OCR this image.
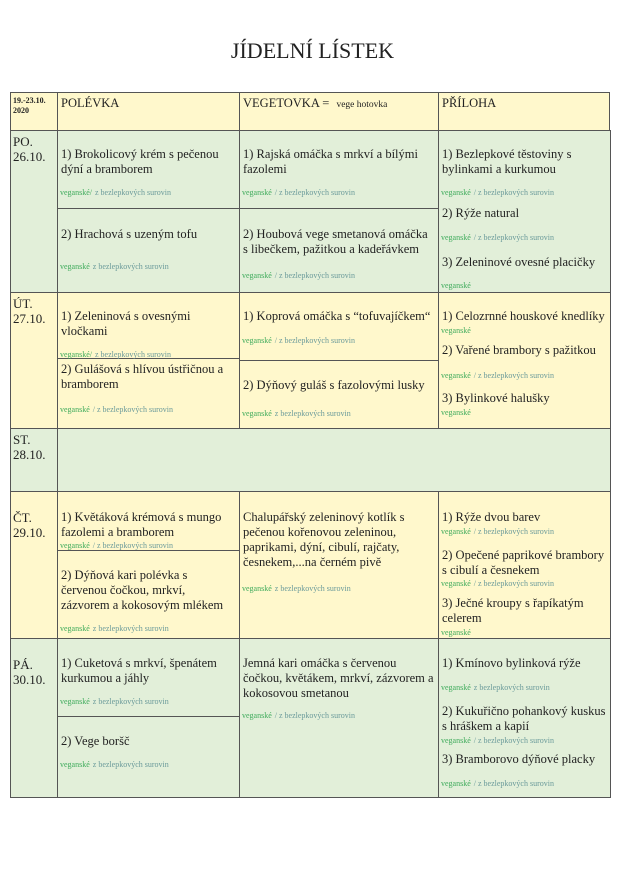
JÍDELNÍ LÍSTEK
19.-23.10.
2020
POLÉVKA	VEGETOVKA = vege hotovka	PŘÍLOHA
PO.
26.10. 1) Brokolicový krém s pečenou
dýní a bramborem
veganské/ z bezlepkových surovin
2) Hrachová s uzeným tofu
veganské z bezlepkových surovin
1) Rajská omáčka s mrkví a bílými
fazolemi
veganské / z bezlepkových surovin
2) Houbová vege smetanová omáčka
s libečkem, pažitkou a kadeřávkem
veganské / z bezlepkových surovin
1) Bezlepkové těstoviny s
bylinkami a kurkumou
veganské / z bezlepkových surovin
2) Rýže natural
veganské / z bezlepkových surovin
3) Zeleninové ovesné placičky
veganské
ÚT.
27.10. 1) Zeleninová s ovesnými
vločkami
veganské/ z bezlepkových surovin
2) Gulášová s hlívou ústřičnou a
bramborem
veganské / z bezlepkových surovin
1) Koprová omáčka s “tofuvajíčkem“
veganské / z bezlepkových surovin
2) Dýňový guláš s fazolovými lusky
veganské z bezlepkových surovin
1) Celozrnné houskové knedlíky
veganské
2) Vařené brambory s pažitkou
veganské / z bezlepkových surovin
3) Bylinkové halušky
veganské
ST.
28.10.
ČT.
29.10.
1) Květáková krémová s mungo
fazolemi a bramborem
veganské / z bezlepkových surovin
2) Dýňová kari polévka s
červenou čočkou, mrkví,
zázvorem a kokosovým mlékem
veganské z bezlepkových surovin
Chalupářský zeleninový kotlík s
pečenou kořenovou zeleninou,
paprikami, dýní, cibulí, rajčaty,
česnekem,...na černém pivě
veganské z bezlepkových surovin
1) Rýže dvou barev
veganské / z bezlepkových surovin
2) Opečené paprikové brambory
s cibulí a česnekem
veganské / z bezlepkových surovin
3) Ječné kroupy s řapíkatým
celerem
veganské
PÁ.
30.10.
1) Cuketová s mrkví, špenátem
kurkumou a jáhly
veganské z bezlepkových surovin
2) Vege boršč
veganské z bezlepkových surovin
Jemná kari omáčka s červenou
čočkou, květákem, mrkví, zázvorem a
kokosovou smetanou
veganské / z bezlepkových surovin
1) Kmínovo bylinková rýže
veganské z bezlepkových surovin
2) Kukuřično pohankový kuskus
s hráškem a kapií
veganské / z bezlepkových surovin
3) Bramborovo dýňové placky
veganské / z bezlepkových surovin
